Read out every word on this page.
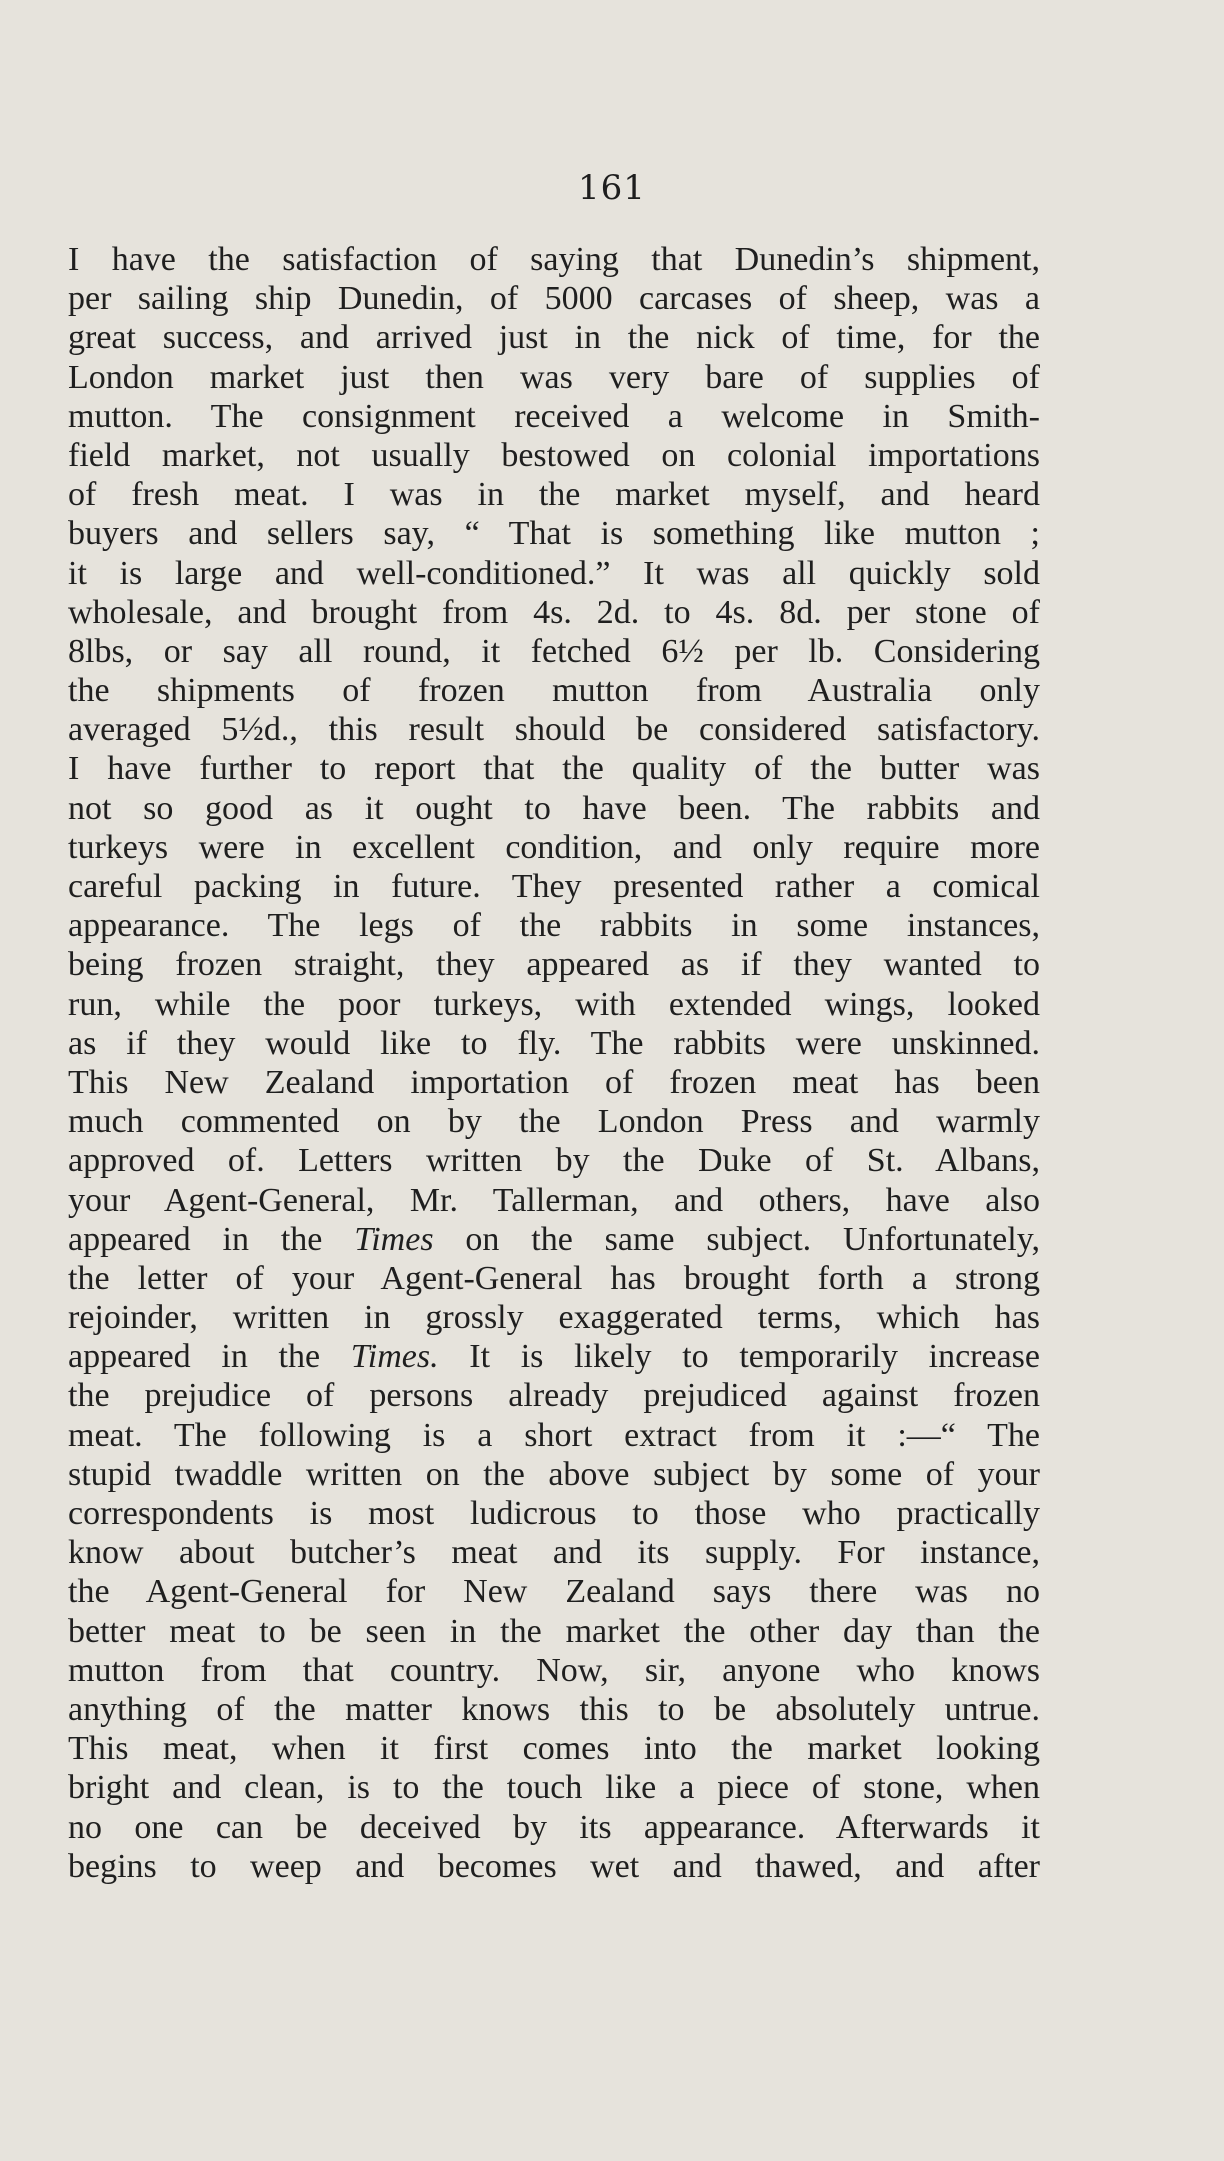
161
I have the satisfaction of saying that Dunedin’s shipment,
per sailing ship Dunedin, of 5000 carcases of sheep, was a
great success, and arrived just in the nick of time, for the
London market just then was very bare of supplies of
mutton. The consignment received a welcome in Smith-
field market, not usually bestowed on colonial importations
of fresh meat. I was in the market myself, and heard
buyers and sellers say, “ That is something like mutton ;
it is large and well-conditioned.” It was all quickly sold
wholesale, and brought from 4s. 2d. to 4s. 8d. per stone of
8lbs, or say all round, it fetched 6½ per lb. Considering
the shipments of frozen mutton from Australia only
averaged 5½d., this result should be considered satisfactory.
I have further to report that the quality of the butter was
not so good as it ought to have been. The rabbits and
turkeys were in excellent condition, and only require more
careful packing in future. They presented rather a comical
appearance. The legs of the rabbits in some instances,
being frozen straight, they appeared as if they wanted to
run, while the poor turkeys, with extended wings, looked
as if they would like to fly. The rabbits were unskinned.
This New Zealand importation of frozen meat has been
much commented on by the London Press and warmly
approved of. Letters written by the Duke of St. Albans,
your Agent-General, Mr. Tallerman, and others, have also
appeared in the Times on the same subject. Unfortunately,
the letter of your Agent-General has brought forth a strong
rejoinder, written in grossly exaggerated terms, which has
appeared in the Times. It is likely to temporarily increase
the prejudice of persons already prejudiced against frozen
meat. The following is a short extract from it :—“ The
stupid twaddle written on the above subject by some of your
correspondents is most ludicrous to those who practically
know about butcher’s meat and its supply. For instance,
the Agent-General for New Zealand says there was no
better meat to be seen in the market the other day than the
mutton from that country. Now, sir, anyone who knows
anything of the matter knows this to be absolutely untrue.
This meat, when it first comes into the market looking
bright and clean, is to the touch like a piece of stone, when
no one can be deceived by its appearance. Afterwards it
begins to weep and becomes wet and thawed, and after
